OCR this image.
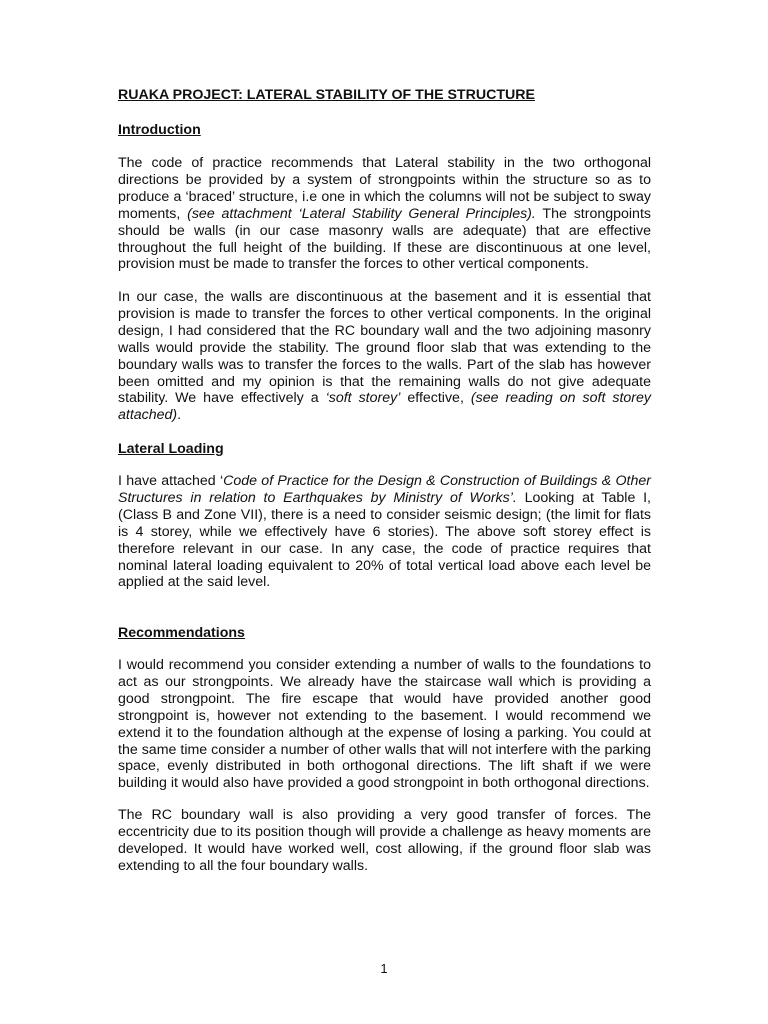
RUAKA PROJECT: LATERAL STABILITY OF THE STRUCTURE
Introduction
The code of practice recommends that Lateral stability in the two orthogonal
directions be provided by a system of strongpoints within the structure so as to
produce a ‘braced’ structure, i.e one in which the columns will not be subject to sway
moments, (see attachment ‘Lateral Stability General Principles). The strongpoints
should be walls (in our case masonry walls are adequate) that are effective
throughout the full height of the building. If these are discontinuous at one level,
provision must be made to transfer the forces to other vertical components.
In our case, the walls are discontinuous at the basement and it is essential that
provision is made to transfer the forces to other vertical components. In the original
design, I had considered that the RC boundary wall and the two adjoining masonry
walls would provide the stability. The ground floor slab that was extending to the
boundary walls was to transfer the forces to the walls. Part of the slab has however
been omitted and my opinion is that the remaining walls do not give adequate
stability. We have effectively a ‘soft storey’ effective, (see reading on soft storey
attached).
Lateral Loading
I have attached ‘Code of Practice for the Design & Construction of Buildings & Other
Structures in relation to Earthquakes by Ministry of Works’. Looking at Table I,
(Class B and Zone VII), there is a need to consider seismic design; (the limit for flats
is 4 storey, while we effectively have 6 stories). The above soft storey effect is
therefore relevant in our case. In any case, the code of practice requires that
nominal lateral loading equivalent to 20% of total vertical load above each level be
applied at the said level.
Recommendations
I would recommend you consider extending a number of walls to the foundations to
act as our strongpoints. We already have the staircase wall which is providing a
good strongpoint. The fire escape that would have provided another good
strongpoint is, however not extending to the basement. I would recommend we
extend it to the foundation although at the expense of losing a parking. You could at
the same time consider a number of other walls that will not interfere with the parking
space, evenly distributed in both orthogonal directions. The lift shaft if we were
building it would also have provided a good strongpoint in both orthogonal directions.
The RC boundary wall is also providing a very good transfer of forces. The
eccentricity due to its position though will provide a challenge as heavy moments are
developed. It would have worked well, cost allowing, if the ground floor slab was
extending to all the four boundary walls.
1
